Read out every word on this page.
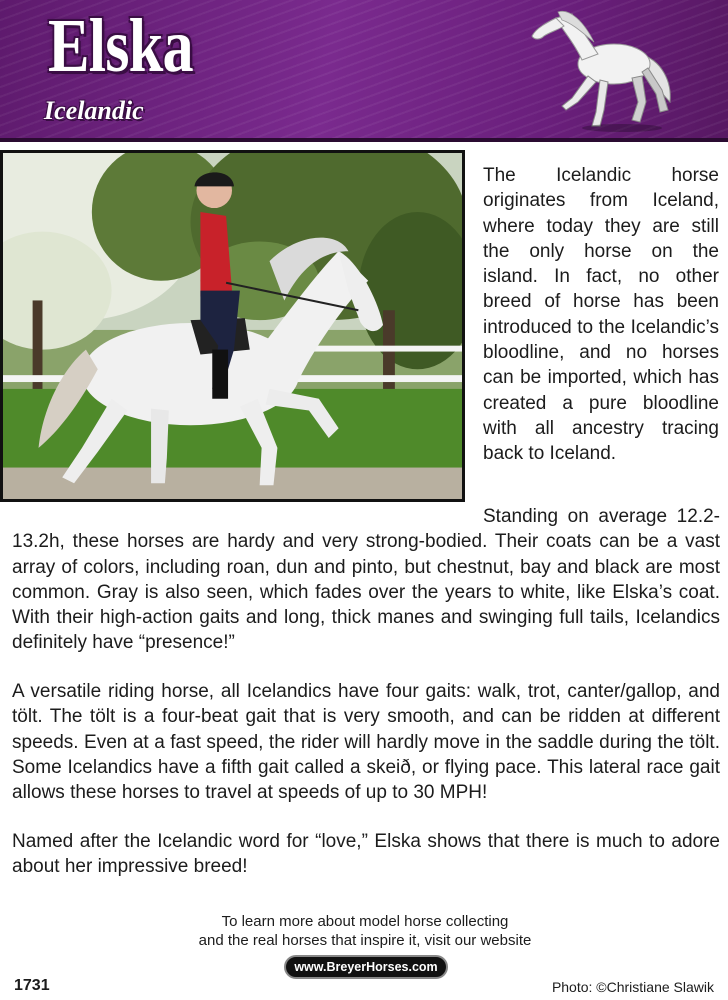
Elska
Icelandic

The Icelandic horse originates from Iceland, where today they are still the only horse on the island. In fact, no other breed of horse has been introduced to the Icelandic’s bloodline, and no horses can be imported, which has created a pure bloodline with all ancestry tracing back to Iceland.

Standing on average 12.2-13.2h, these horses are hardy and very strong-bodied. Their coats can be a vast array of colors, including roan, dun and pinto, but chestnut, bay and black are most common. Gray is also seen, which fades over the years to white, like Elska’s coat. With their high-action gaits and long, thick manes and swinging full tails, Icelandics definitely have “presence!”

A versatile riding horse, all Icelandics have four gaits: walk, trot, canter/gallop, and tölt. The tölt is a four-beat gait that is very smooth, and can be ridden at different speeds. Even at a fast speed, the rider will hardly move in the saddle during the tölt. Some Icelandics have a fifth gait called a skeið, or flying pace. This lateral race gait allows these horses to travel at speeds of up to 30 MPH!

Named after the Icelandic word for “love,” Elska shows that there is much to adore about her impressive breed!

To learn more about model horse collecting
and the real horses that inspire it, visit our website
www.BreyerHorses.com
1731	Photo: ©Christiane Slawik
